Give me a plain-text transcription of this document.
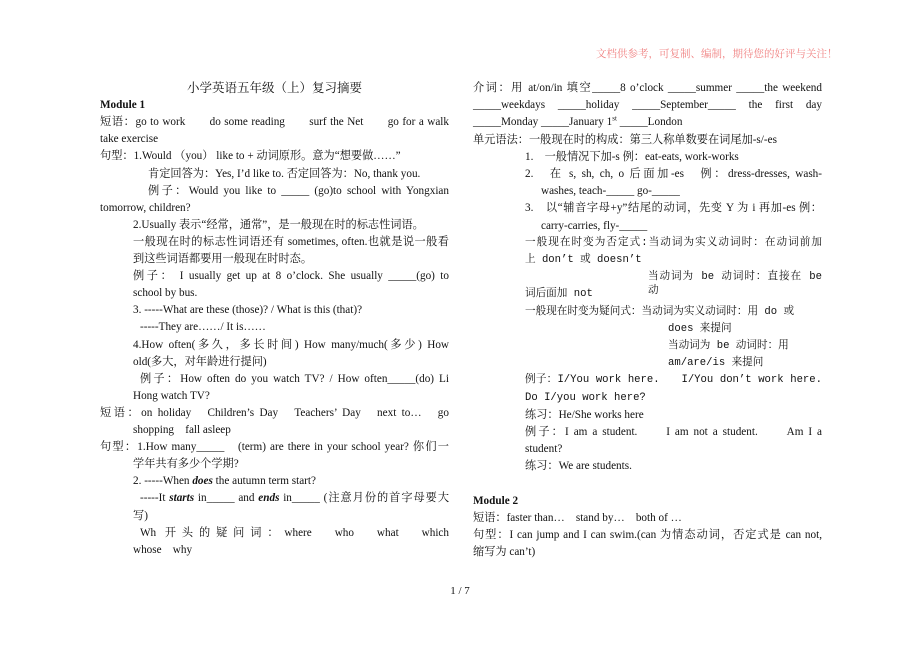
文档供参考，可复制、编制，期待您的好评与关注！
小学英语五年级（上）复习摘要
Module 1
短语：go to work　　do some reading　　surf the Net　　go for a walk
take exercise
句型：1.Would （you） like to + 动词原形。意为“想要做……”
肯定回答为：Yes, I’d like to. 否定回答为：No, thank you.
例子：Would you like to _____ (go)to school with Yongxian
tomorrow, children?
2.Usually 表示“经常，通常”，是一般现在时的标志性词语。
一般现在时的标志性词语还有 sometimes, often.也就是说一般看
到这些词语都要用一般现在时时态。
例子： I usually get up at 8 o’clock. She usually _____(go) to
school by bus.
3. -----What are these (those)? / What is this (that)?
-----They are……/ It is……
4.How often(多久，多长时间) How many/much(多少) How
old(多大，对年龄进行提问)
例子：How often do you watch TV? / How often_____(do) Li
Hong watch TV?
短语：on holiday　Children’s Day　Teachers’ Day　next to…　go
shopping　fall asleep
句型：1.How many_____　(term) are there in your school year? 你们一
学年共有多少个学期?
2. -----When does the autumn term start?
-----It starts in_____ and ends in_____ (注意月份的首字母要大
写)
Wh 开头的疑问词：where　who　what　which
whose　why
介词：用 at/on/in 填空_____8 o’clock _____summer _____the weekend
_____weekdays _____holiday _____September_____ the first day
_____Monday _____January 1st _____London
单元语法：一般现在时的构成：第三人称单数要在词尾加-s/-es
1.　一般情况下加-s 例：eat-eats, work-works
2.　在 s, sh, ch, o 后面加-es　例：dress-dresses, wash-
washes, teach-_____ go-_____
3.　以“辅音字母+y”结尾的动词，先变 Y 为 i 再加-es 例：
carry-carries, fly-_____
一般现在时变为否定式:当动词为实义动词时：在动词前加
上 don’t 或 doesn’t
当动词为 be 动词时：直接在 be 动
词后面加 not
一般现在时变为疑问式：当动词为实义动词时：用 do 或
does 来提问
当动词为 be 动词时：用
am/are/is 来提问
例子：I/You work here.　　I/You don’t work here.
Do I/you work here?
练习：He/She works here
例子：I am a student.　　I am not a student.　　Am I a
student?
练习：We are students.
Module 2
短语：faster than…　stand by…　both of …
句型：I can jump and I can swim.(can 为情态动词，否定式是 can not,
缩写为 can’t)
1 / 7
